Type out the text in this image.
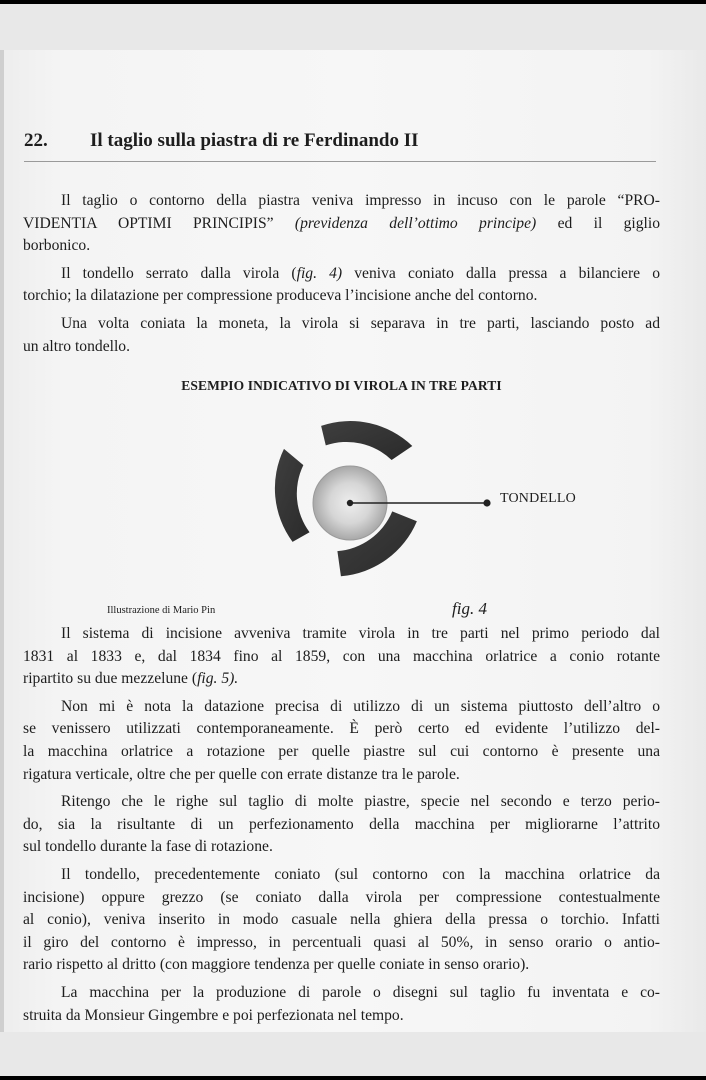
22. Il taglio sulla piastra di re Ferdinando II

Il taglio o contorno della piastra veniva impresso in incuso con le parole “PRO-
VIDENTIA OPTIMI PRINCIPIS” (previdenza dell’ottimo principe) ed il giglio
borbonico.

Il tondello serrato dalla virola (fig. 4) veniva coniato dalla pressa a bilanciere o
torchio; la dilatazione per compressione produceva l’incisione anche del contorno.

Una volta coniata la moneta, la virola si separava in tre parti, lasciando posto ad
un altro tondello.

ESEMPIO INDICATIVO DI VIROLA IN TRE PARTI
TONDELLO
Illustrazione di Mario Pin	fig. 4

Il sistema di incisione avveniva tramite virola in tre parti nel primo periodo dal
1831 al 1833 e, dal 1834 fino al 1859, con una macchina orlatrice a conio rotante
ripartito su due mezzelune (fig. 5).

Non mi è nota la datazione precisa di utilizzo di un sistema piuttosto dell’altro o
se venissero utilizzati contemporaneamente. È però certo ed evidente l’utilizzo del-
la macchina orlatrice a rotazione per quelle piastre sul cui contorno è presente una
rigatura verticale, oltre che per quelle con errate distanze tra le parole.

Ritengo che le righe sul taglio di molte piastre, specie nel secondo e terzo perio-
do, sia la risultante di un perfezionamento della macchina per migliorarne l’attrito
sul tondello durante la fase di rotazione.

Il tondello, precedentemente coniato (sul contorno con la macchina orlatrice da
incisione) oppure grezzo (se coniato dalla virola per compressione contestualmente
al conio), veniva inserito in modo casuale nella ghiera della pressa o torchio. Infatti
il giro del contorno è impresso, in percentuali quasi al 50%, in senso orario o antio-
rario rispetto al dritto (con maggiore tendenza per quelle coniate in senso orario).

La macchina per la produzione di parole o disegni sul taglio fu inventata e co-
struita da Monsieur Gingembre e poi perfezionata nel tempo.
